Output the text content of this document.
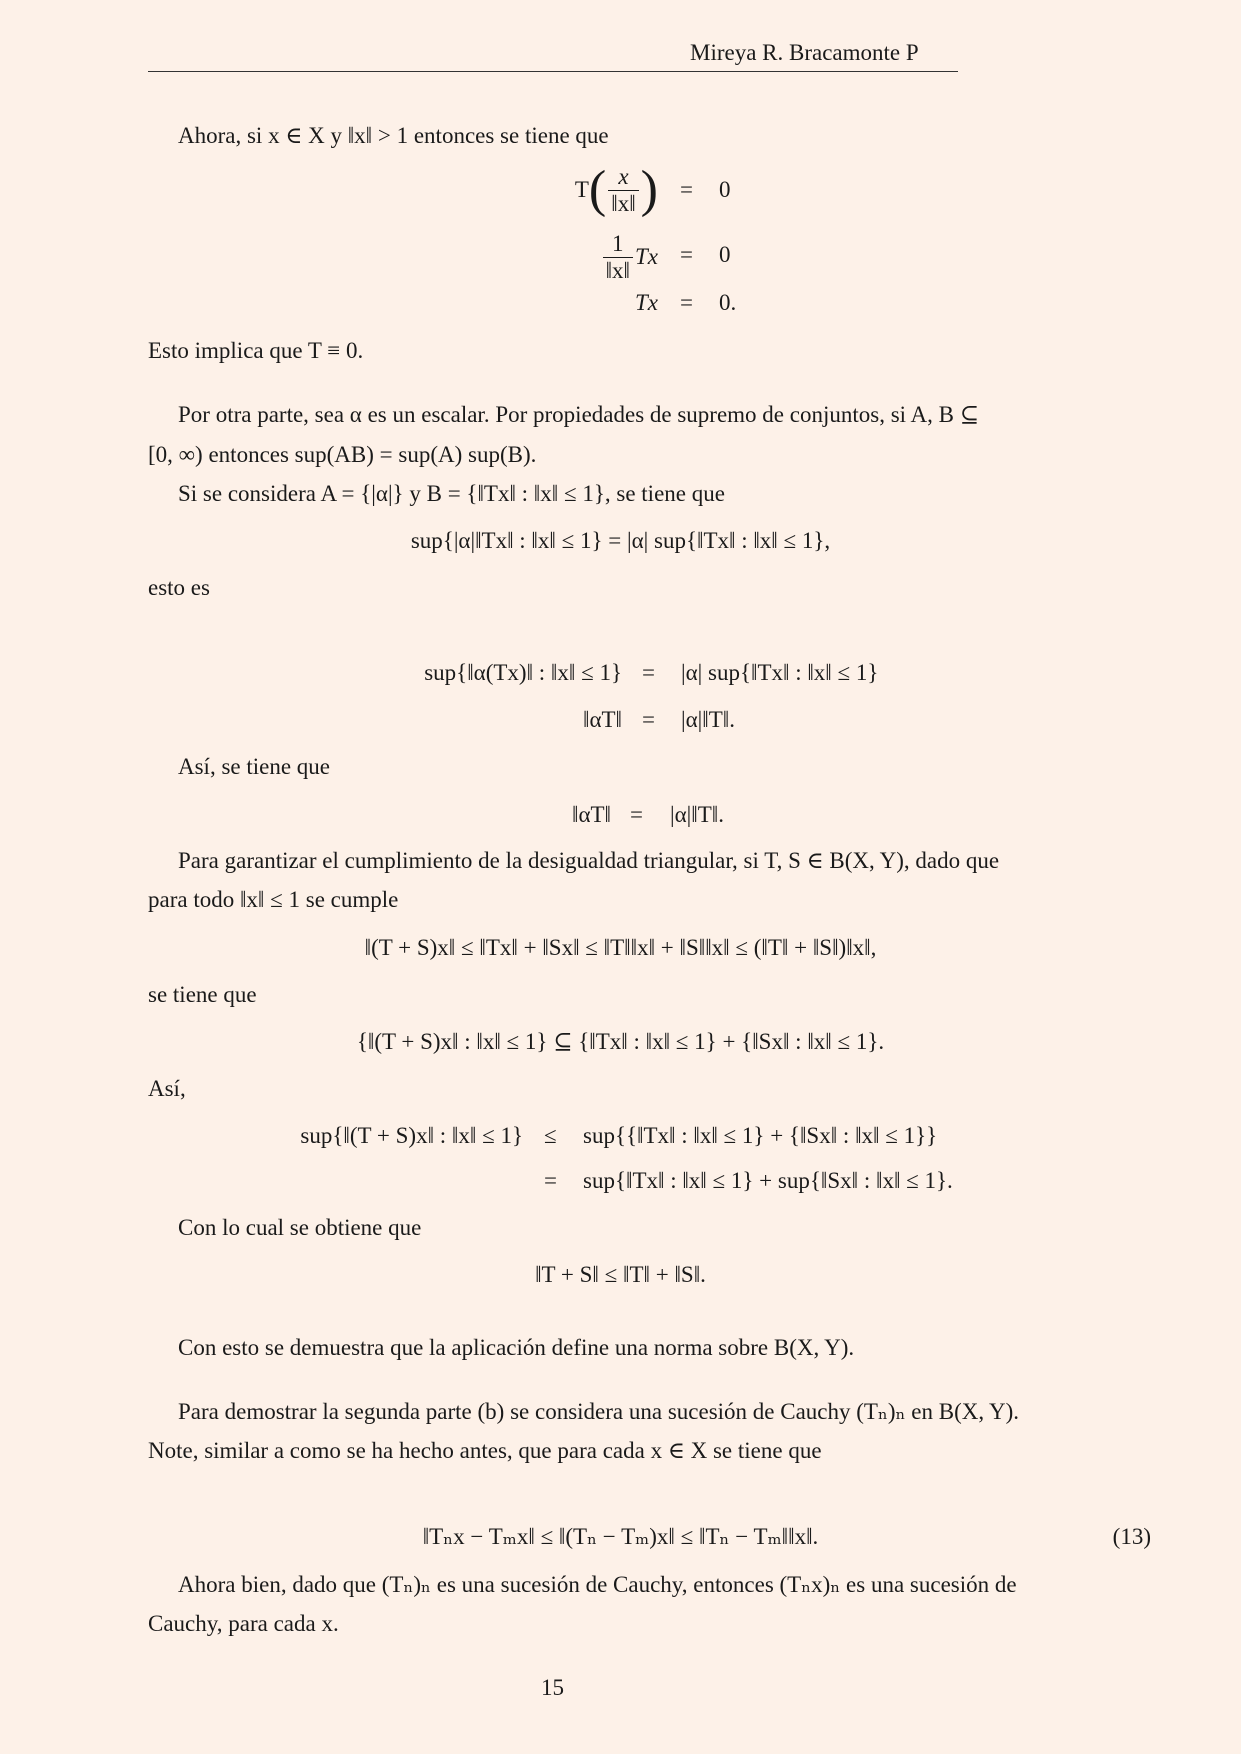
Mireya R. Bracamonte P
Ahora, si x ∈ X y ‖x‖ > 1 entonces se tiene que
T ( $\frac{x}{‖x‖}$ ) = 0
$\frac{1}{‖x‖}$ Tx = 0
Tx = 0.
Esto implica que T ≡ 0.
Por otra parte, sea α es un escalar. Por propiedades de supremo de conjuntos, si A, B ⊆
[0, ∞) entonces sup(AB) = sup(A) sup(B).
Si se considera A = {|α|} y B = {‖Tx‖ : ‖x‖ ≤ 1}, se tiene que
sup{|α|‖Tx‖ : ‖x‖ ≤ 1} = |α| sup{‖Tx‖ : ‖x‖ ≤ 1},
esto es
sup{‖α(Tx)‖ : ‖x‖ ≤ 1} = |α| sup{‖Tx‖ : ‖x‖ ≤ 1}
‖αT‖ = |α|‖T‖.
Así, se tiene que
‖αT‖ = |α|‖T‖.
Para garantizar el cumplimiento de la desigualdad triangular, si T, S ∈ B(X, Y), dado que
para todo ‖x‖ ≤ 1 se cumple
‖(T + S)x‖ ≤ ‖Tx‖ + ‖Sx‖ ≤ ‖T‖‖x‖ + ‖S‖‖x‖ ≤ (‖T‖ + ‖S‖)‖x‖,
se tiene que
{‖(T + S)x‖ : ‖x‖ ≤ 1} ⊆ {‖Tx‖ : ‖x‖ ≤ 1} + {‖Sx‖ : ‖x‖ ≤ 1}.
Así,
sup{‖(T + S)x‖ : ‖x‖ ≤ 1} ≤ sup{{‖Tx‖ : ‖x‖ ≤ 1} + {‖Sx‖ : ‖x‖ ≤ 1}}
= sup{‖Tx‖ : ‖x‖ ≤ 1} + sup{‖Sx‖ : ‖x‖ ≤ 1}.
Con lo cual se obtiene que
‖T + S‖ ≤ ‖T‖ + ‖S‖.
Con esto se demuestra que la aplicación define una norma sobre B(X, Y).
Para demostrar la segunda parte (b) se considera una sucesión de Cauchy (Tₙ)ₙ en B(X, Y).
Note, similar a como se ha hecho antes, que para cada x ∈ X se tiene que
‖Tₙx − Tₘx‖ ≤ ‖(Tₙ − Tₘ)x‖ ≤ ‖Tₙ − Tₘ‖‖x‖.	(13)
Ahora bien, dado que (Tₙ)ₙ es una sucesión de Cauchy, entonces (Tₙx)ₙ es una sucesión de
Cauchy, para cada x.
15
